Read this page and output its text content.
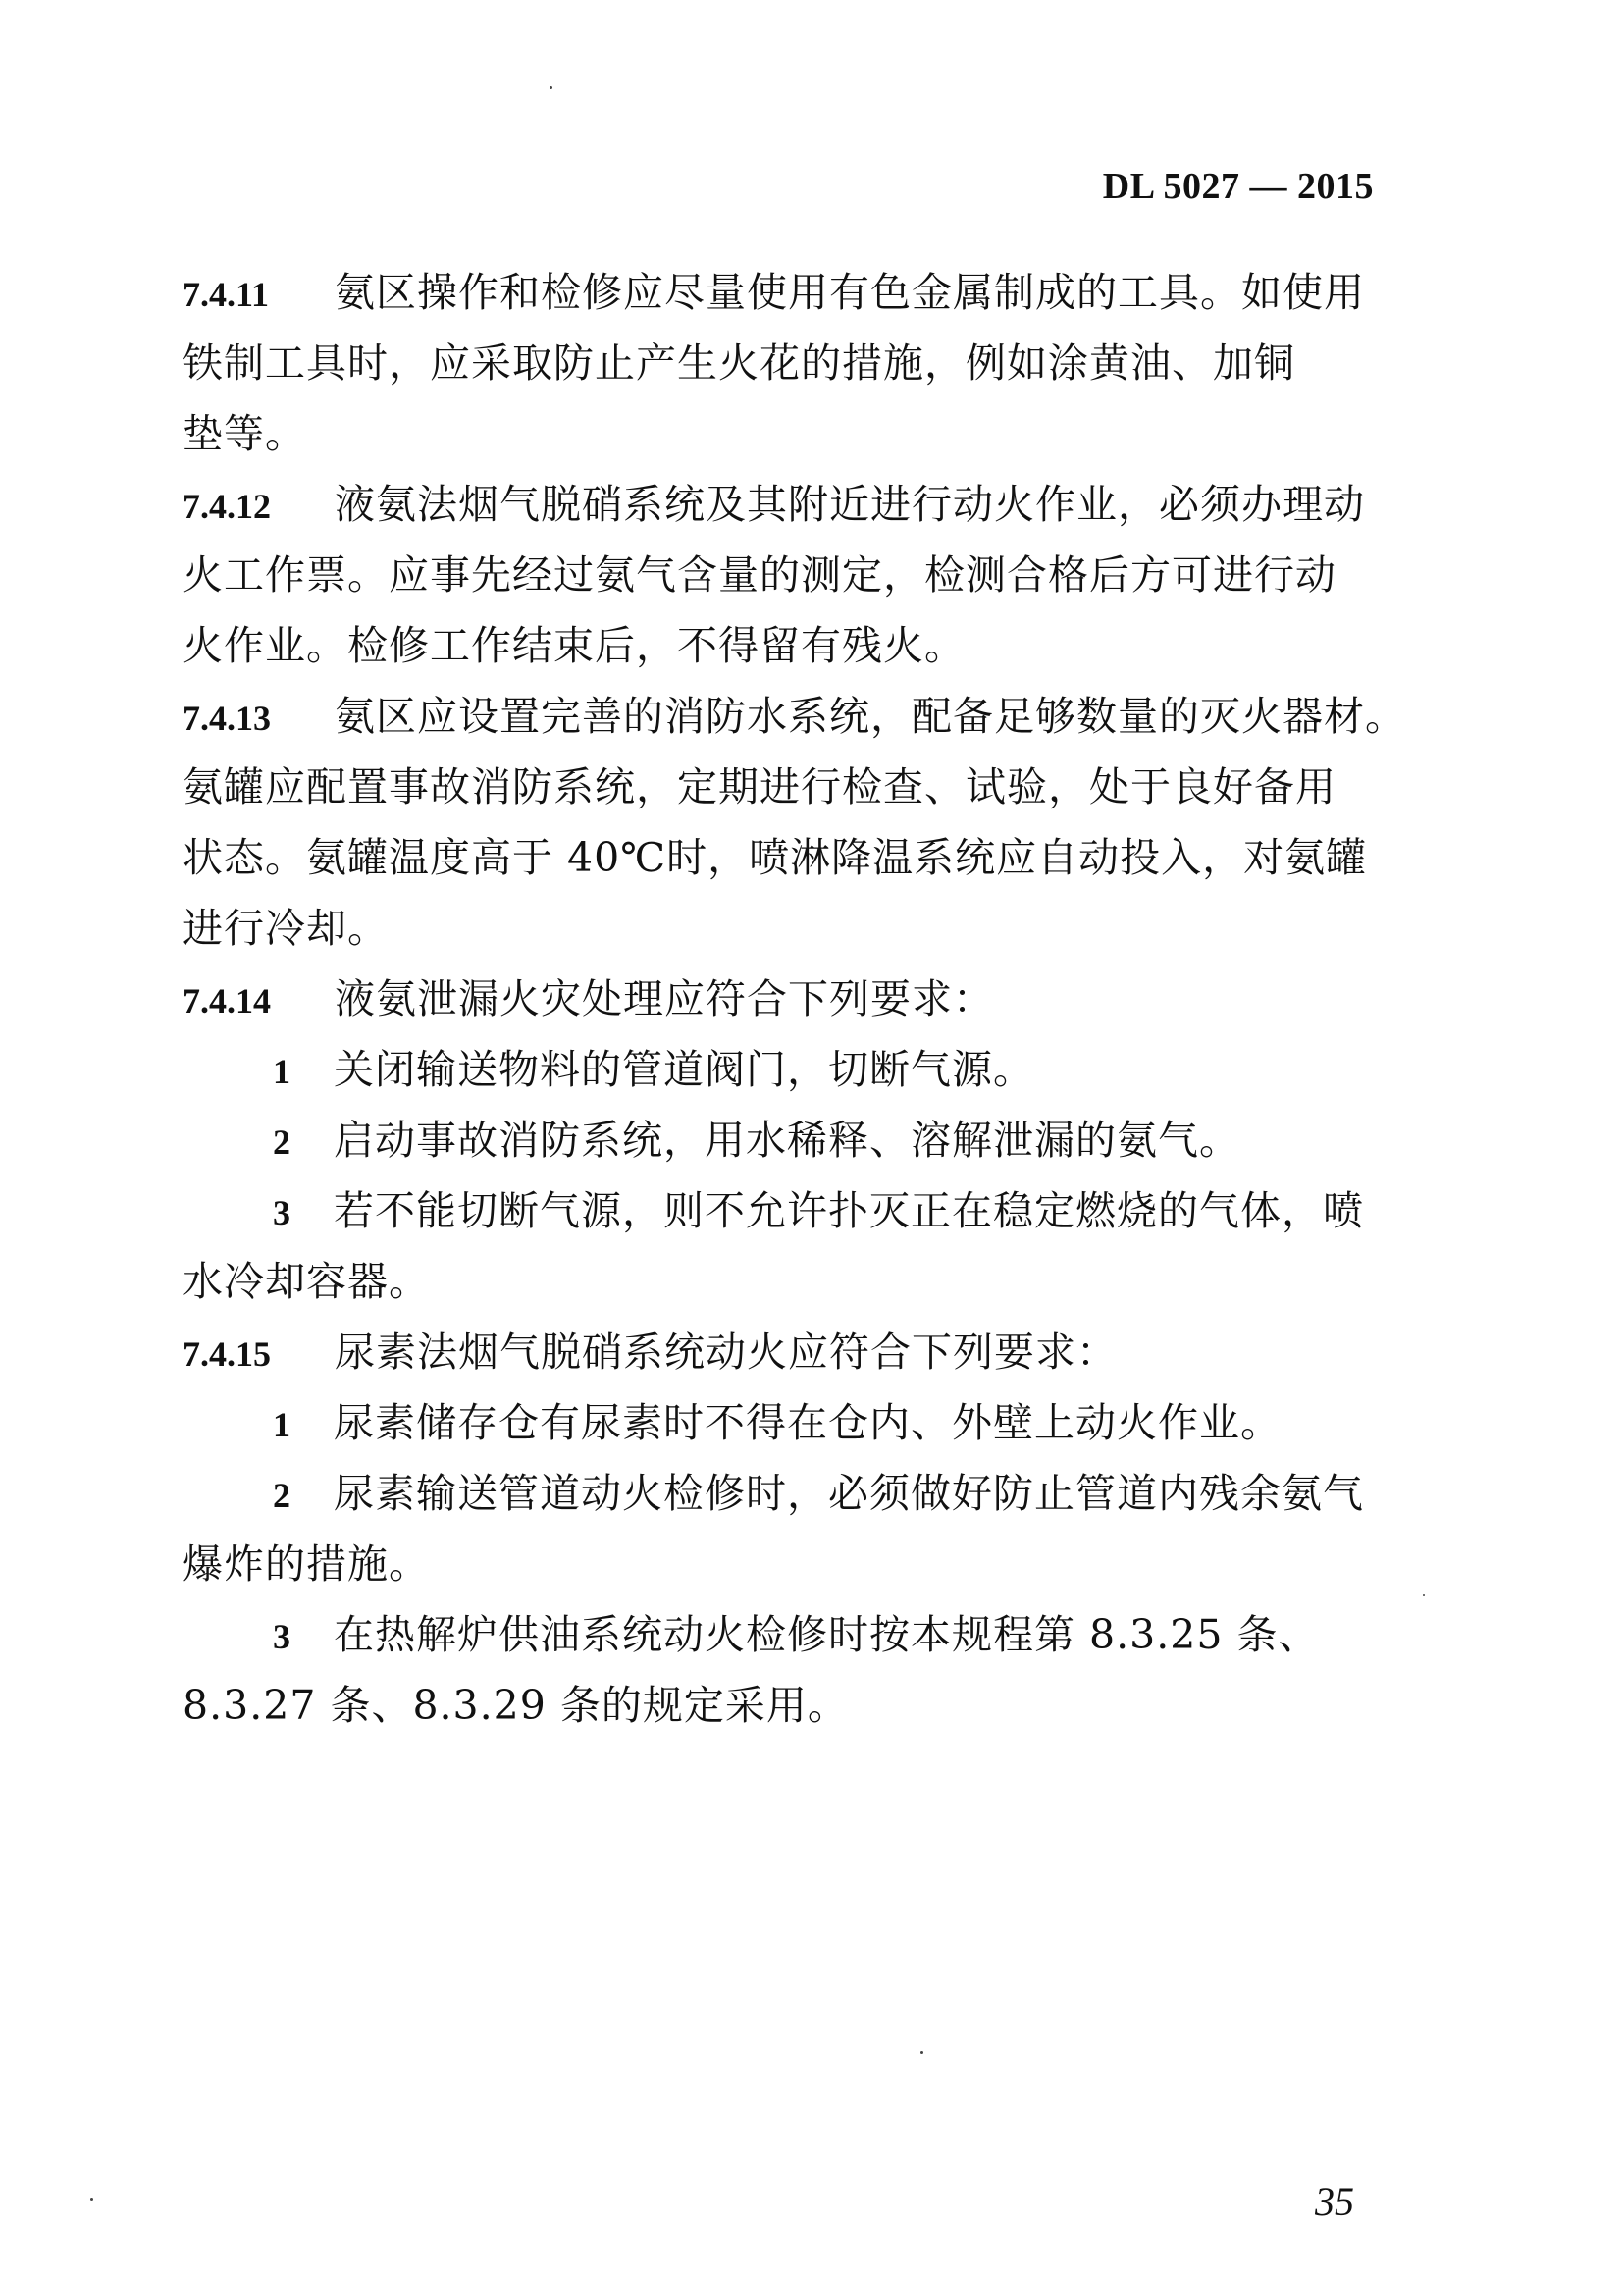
DL 5027 — 2015
7.4.11 氨区操作和检修应尽量使用有色金属制成的工具。如使用
铁制工具时，应采取防止产生火花的措施，例如涂黄油、加铜
垫等。
7.4.12 液氨法烟气脱硝系统及其附近进行动火作业，必须办理动
火工作票。应事先经过氨气含量的测定，检测合格后方可进行动
火作业。检修工作结束后，不得留有残火。
7.4.13 氨区应设置完善的消防水系统，配备足够数量的灭火器材。
氨罐应配置事故消防系统，定期进行检查、试验，处于良好备用
状态。氨罐温度高于 40℃时，喷淋降温系统应自动投入，对氨罐
进行冷却。
7.4.14 液氨泄漏火灾处理应符合下列要求：
1 关闭输送物料的管道阀门，切断气源。
2 启动事故消防系统，用水稀释、溶解泄漏的氨气。
3 若不能切断气源，则不允许扑灭正在稳定燃烧的气体，喷
水冷却容器。
7.4.15 尿素法烟气脱硝系统动火应符合下列要求：
1 尿素储存仓有尿素时不得在仓内、外壁上动火作业。
2 尿素输送管道动火检修时，必须做好防止管道内残余氨气
爆炸的措施。
3 在热解炉供油系统动火检修时按本规程第 8.3.25 条、
8.3.27 条、8.3.29 条的规定采用。
35
